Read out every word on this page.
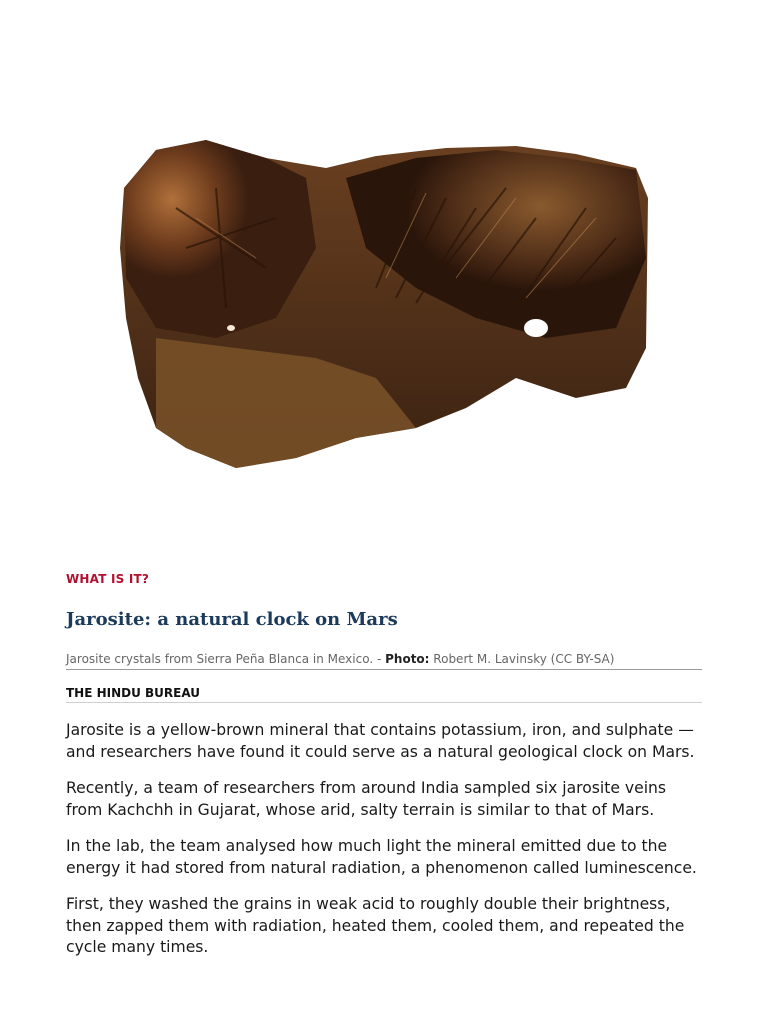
WHAT IS IT?
Jarosite: a natural clock on Mars
Jarosite crystals from Sierra Peña Blanca in Mexico. - Photo: Robert M. Lavinsky (CC BY-SA)
THE HINDU BUREAU

Jarosite is a yellow-brown mineral that contains potassium, iron, and sulphate — and researchers have found it could serve as a natural geological clock on Mars.

Recently, a team of researchers from around India sampled six jarosite veins from Kachchh in Gujarat, whose arid, salty terrain is similar to that of Mars.

In the lab, the team analysed how much light the mineral emitted due to the energy it had stored from natural radiation, a phenomenon called luminescence.

First, they washed the grains in weak acid to roughly double their brightness, then zapped them with radiation, heated them, cooled them, and repeated the cycle many times.
